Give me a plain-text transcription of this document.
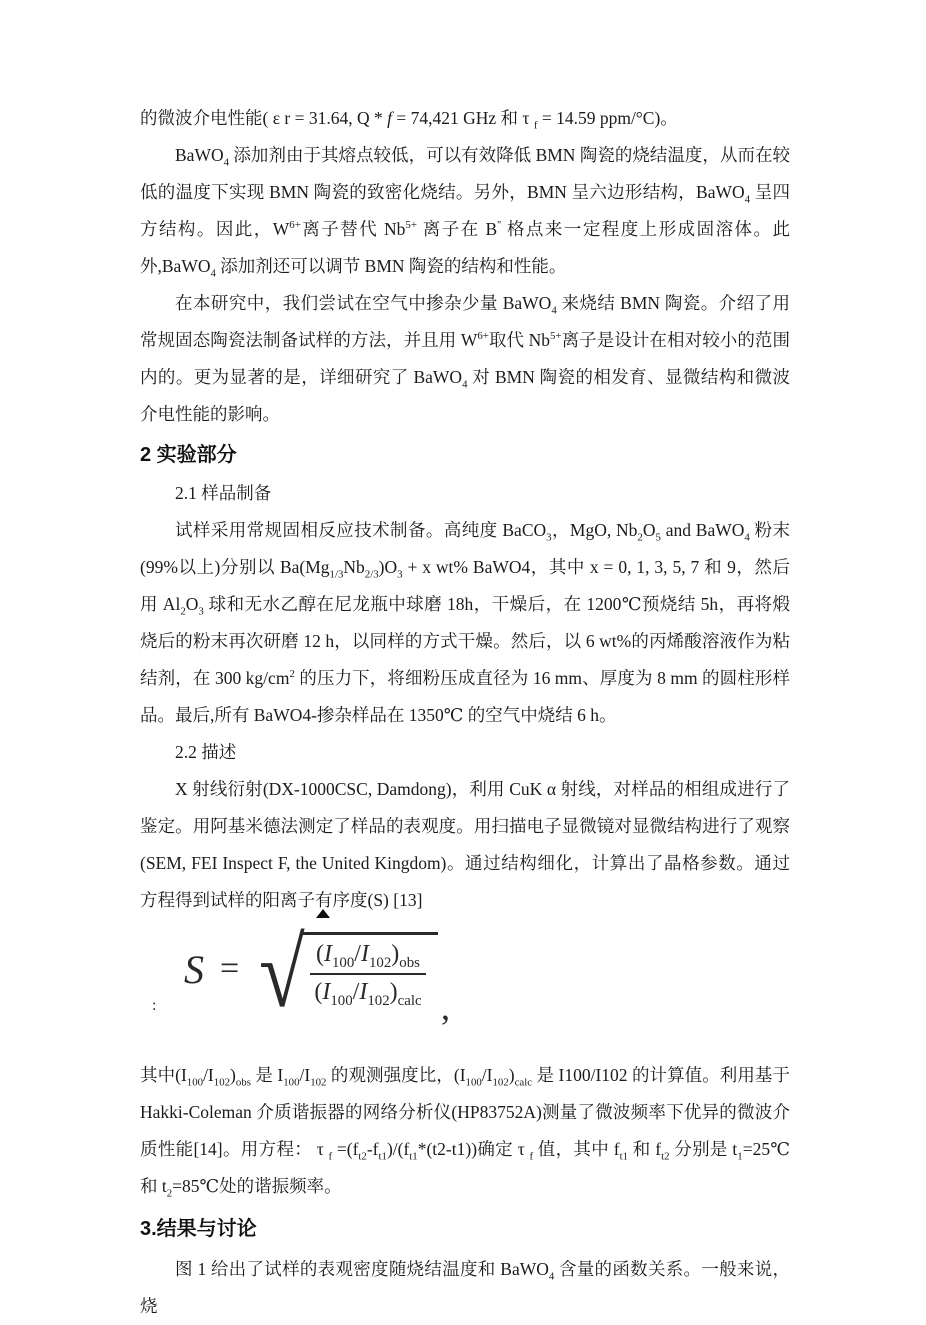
的微波介电性能( ε r = 31.64, Q * f = 74,421 GHz 和 τ $_f$ = 14.59 ppm/°C)。

BaWO$_4$ 添加剂由于其熔点较低，可以有效降低 BMN 陶瓷的烧结温度，从而在较低的温度下实现 BMN 陶瓷的致密化烧结。另外，BMN 呈六边形结构，BaWO$_4$ 呈四方结构。因此，$W^{6+}$离子替代 $Nb^{5+}$ 离子在 B'' 格点来一定程度上形成固溶体。此外,BaWO$_4$ 添加剂还可以调节 BMN 陶瓷的结构和性能。

在本研究中，我们尝试在空气中掺杂少量 BaWO$_4$ 来烧结 BMN 陶瓷。介绍了用常规固态陶瓷法制备试样的方法，并且用 $W^{6+}$取代 $Nb^{5+}$离子是设计在相对较小的范围内的。更为显著的是，详细研究了 BaWO$_4$ 对 BMN 陶瓷的相发育、显微结构和微波介电性能的影响。

2 实验部分
2.1 样品制备

试样采用常规固相反应技术制备。高纯度 BaCO$_3$，MgO, $Nb_2O_5$ and BaWO$_4$ 粉末(99%以上)分别以 $Ba(Mg_{1/3}Nb_{2/3})O_3 + x$ wt% BaWO4，其中 x = 0, 1, 3, 5, 7 和 9，然后用 $Al_2O_3$ 球和无水乙醇在尼龙瓶中球磨 18h，干燥后，在 1200℃预烧结 5h，再将煅烧后的粉末再次研磨 12 h，以同样的方式干燥。然后，以 6 wt%的丙烯酸溶液作为粘结剂，在 300 $kg/cm^2$ 的压力下，将细粉压成直径为 16 mm、厚度为 8 mm 的圆柱形样品。最后,所有 BaWO4-掺杂样品在 1350℃ 的空气中烧结 6 h。

2.2 描述

X 射线衍射(DX-1000CSC, Damdong)，利用 CuK α 射线，对样品的相组成进行了鉴定。用阿基米德法测定了样品的表观度。用扫描电子显微镜对显微结构进行了观察(SEM, FEI Inspect F, the United Kingdom)。通过结构细化，计算出了晶格参数。通过方程得到试样的阳离子有序度(S) [13]

S = √
$\frac{(I_{100}/I_{102})_{obs}}{(I_{100}/I_{102})_{calc}}$
,
:

其中$(I_{100}/I_{102})_{obs}$ 是 $I_{100}/I_{102}$ 的观测强度比，$(I_{100}/I_{102})_{calc}$ 是 I100/I102 的计算值。利用基于 Hakki-Coleman 介质谐振器的网络分析仪(HP83752A)测量了微波频率下优异的微波介质性能[14]。用方程： τ $_f =(f_{t2}-f_{t1})/(f_{t1}*(t2-t1))$确定 τ $_f$ 值，其中 $f_{t1}$ 和 $f_{t2}$ 分别是 $t_1=25℃$和 $t_2=85℃$处的谐振频率。

3.结果与讨论

图 1 给出了试样的表观密度随烧结温度和 BaWO$_4$ 含量的函数关系。一般来说，烧
